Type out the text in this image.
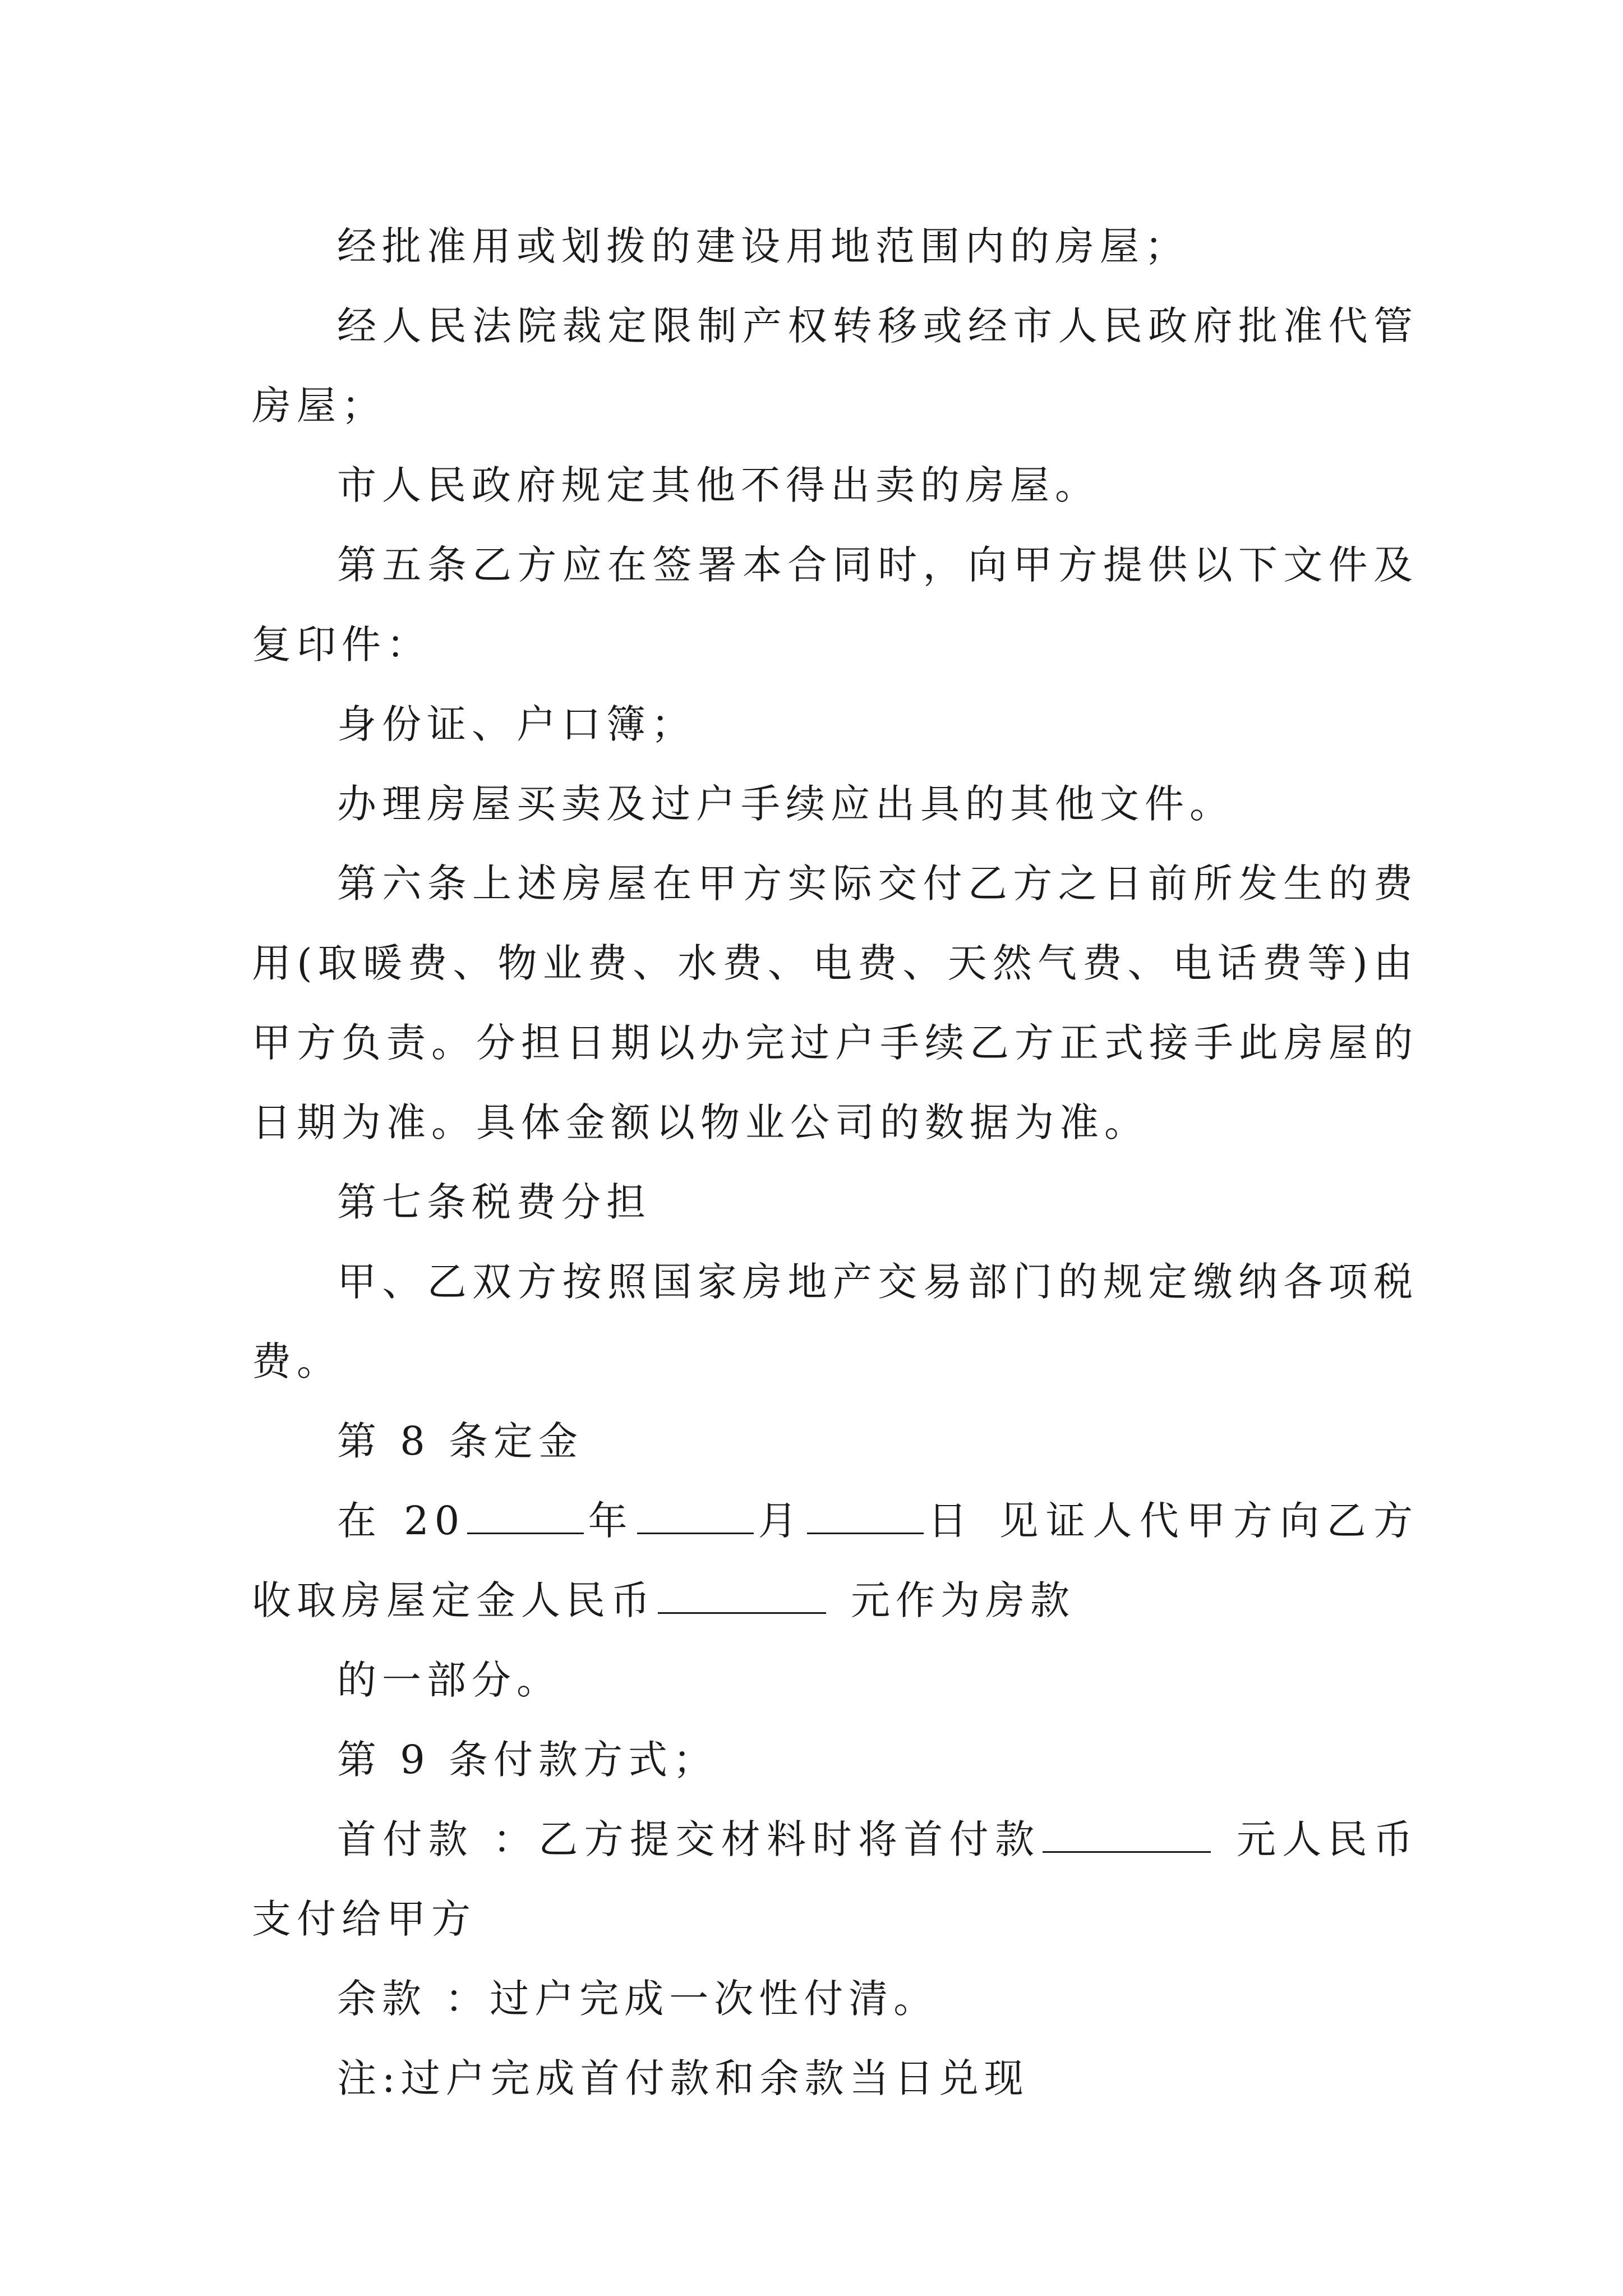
经批准用或划拨的建设用地范围内的房屋；

经人民法院裁定限制产权转移或经市人民政府批准代管房屋；

市人民政府规定其他不得出卖的房屋。

第五条乙方应在签署本合同时，向甲方提供以下文件及复印件：

身份证、户口簿；

办理房屋买卖及过户手续应出具的其他文件。

第六条上述房屋在甲方实际交付乙方之日前所发生的费用(取暖费、物业费、水费、电费、天然气费、电话费等)由甲方负责。分担日期以办完过户手续乙方正式接手此房屋的日期为准。具体金额以物业公司的数据为准。

第七条税费分担

甲、乙双方按照国家房地产交易部门的规定缴纳各项税费。

第 8 条定金

在 20	年	月	日 见证人代甲方向乙方收取房屋定金人民币	元作为房款

的一部分。

第 9 条付款方式；

首付款 ：乙方提交材料时将首付款	元人民币支付给甲方

余款 ：过户完成一次性付清。

注:过户完成首付款和余款当日兑现
